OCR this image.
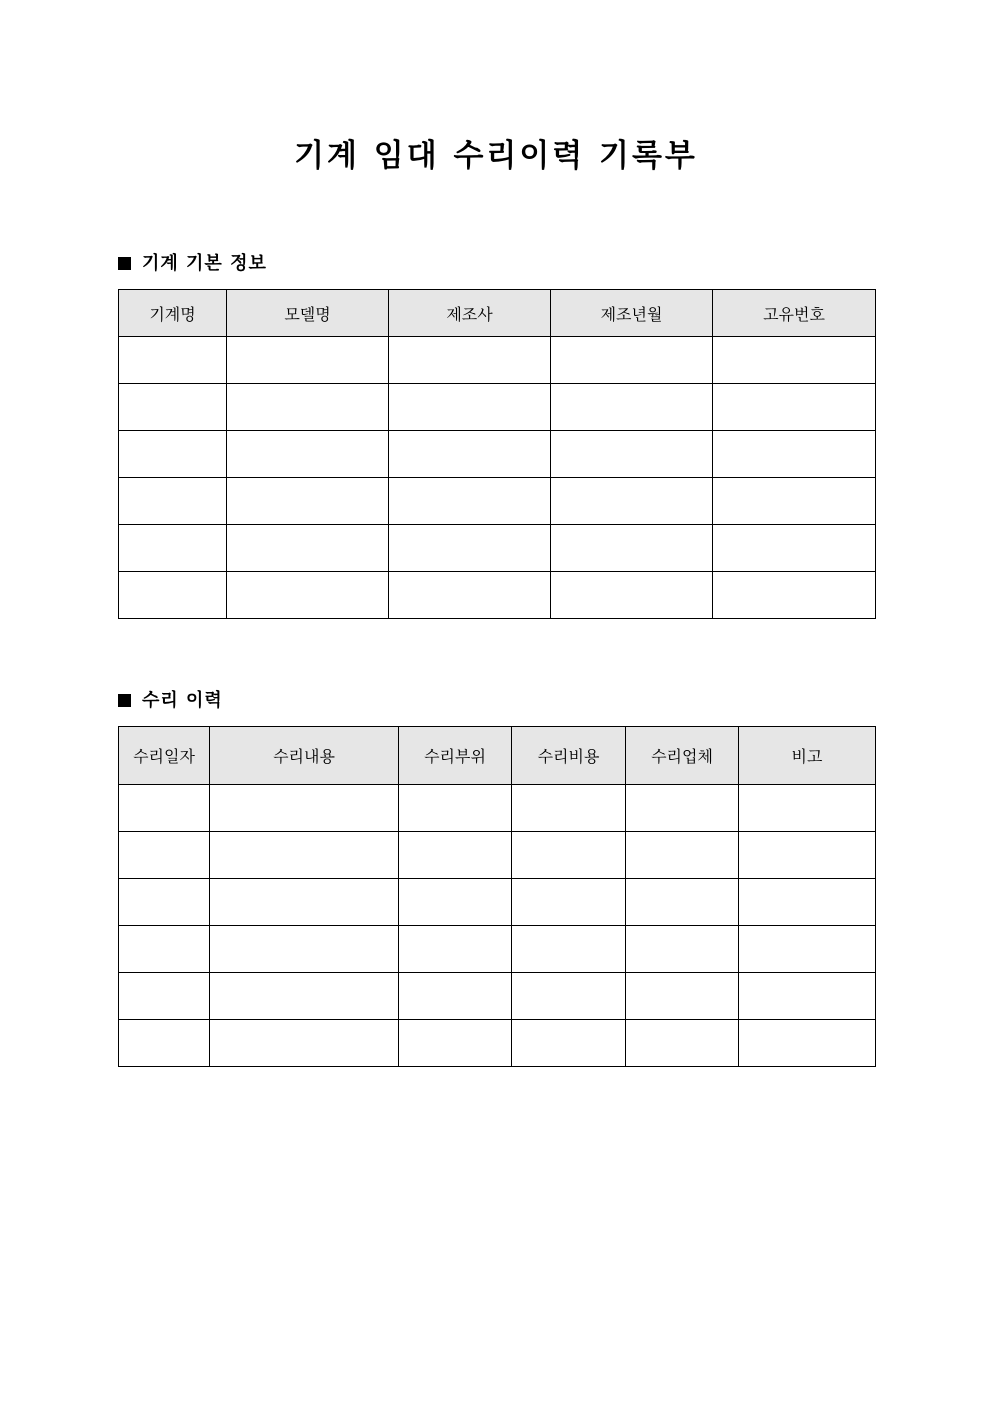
기계 임대 수리이력 기록부
기계 기본 정보
기계명	모델명	제조사	제조년월	고유번호

수리 이력
수리일자	수리내용	수리부위	수리비용	수리업체	비고
